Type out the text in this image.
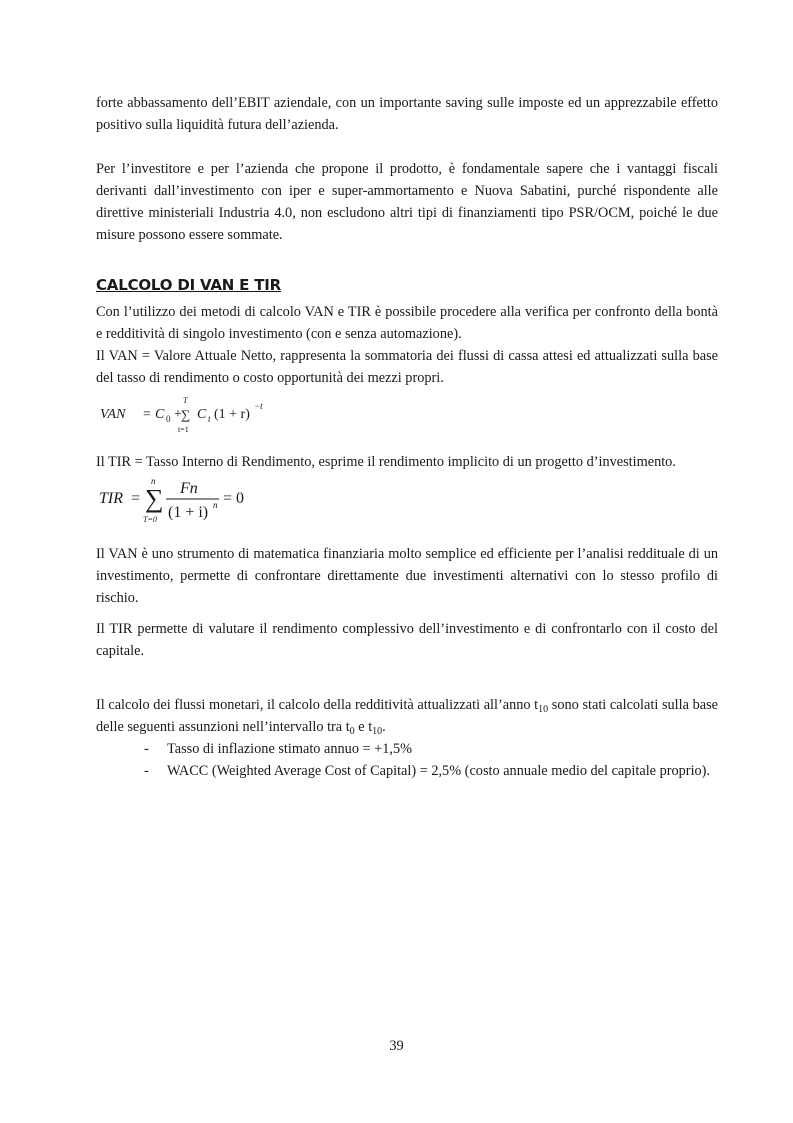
forte abbassamento dell’EBIT aziendale, con un importante saving sulle imposte ed un apprezzabile effetto positivo sulla liquidità futura dell’azienda.

Per l’investitore e per l’azienda che propone il prodotto, è fondamentale sapere che i vantaggi fiscali derivanti dall’investimento con iper e super-ammortamento e Nuova Sabatini, purché rispondente alle direttive ministeriali Industria 4.0, non escludono altri tipi di finanziamenti tipo PSR/OCM, poiché le due misure possono essere sommate.

CALCOLO DI VAN E TIR

Con l’utilizzo dei metodi di calcolo VAN e TIR è possibile procedere alla verifica per confronto della bontà e redditività di singolo investimento (con e senza automazione).

Il VAN = Valore Attuale Netto, rappresenta la sommatoria dei flussi di cassa attesi ed attualizzati sulla base del tasso di rendimento o costo opportunità dei mezzi propri.

VAN = C 0 +
T
∑
t=1
C t (1 + r)
−t

Il TIR = Tasso Interno di Rendimento, esprime il rendimento implicito di un progetto d’investimento.

TIR =
n
∑
T=0
Fn
(1 + i) n = 0

Il VAN è uno strumento di matematica finanziaria molto semplice ed efficiente per l’analisi reddituale di un investimento, permette di confrontare direttamente due investimenti alternativi con lo stesso profilo di rischio.

Il TIR permette di valutare il rendimento complessivo dell’investimento e di confrontarlo con il costo del capitale.

Il calcolo dei flussi monetari, il calcolo della redditività attualizzati all’anno $t_{10}$ sono stati calcolati sulla base delle seguenti assunzioni nell’intervallo tra $t_0$ e $t_{10}$.

- Tasso di inflazione stimato annuo = +1,5%
- WACC (Weighted Average Cost of Capital) = 2,5% (costo annuale medio del capitale proprio).
39
